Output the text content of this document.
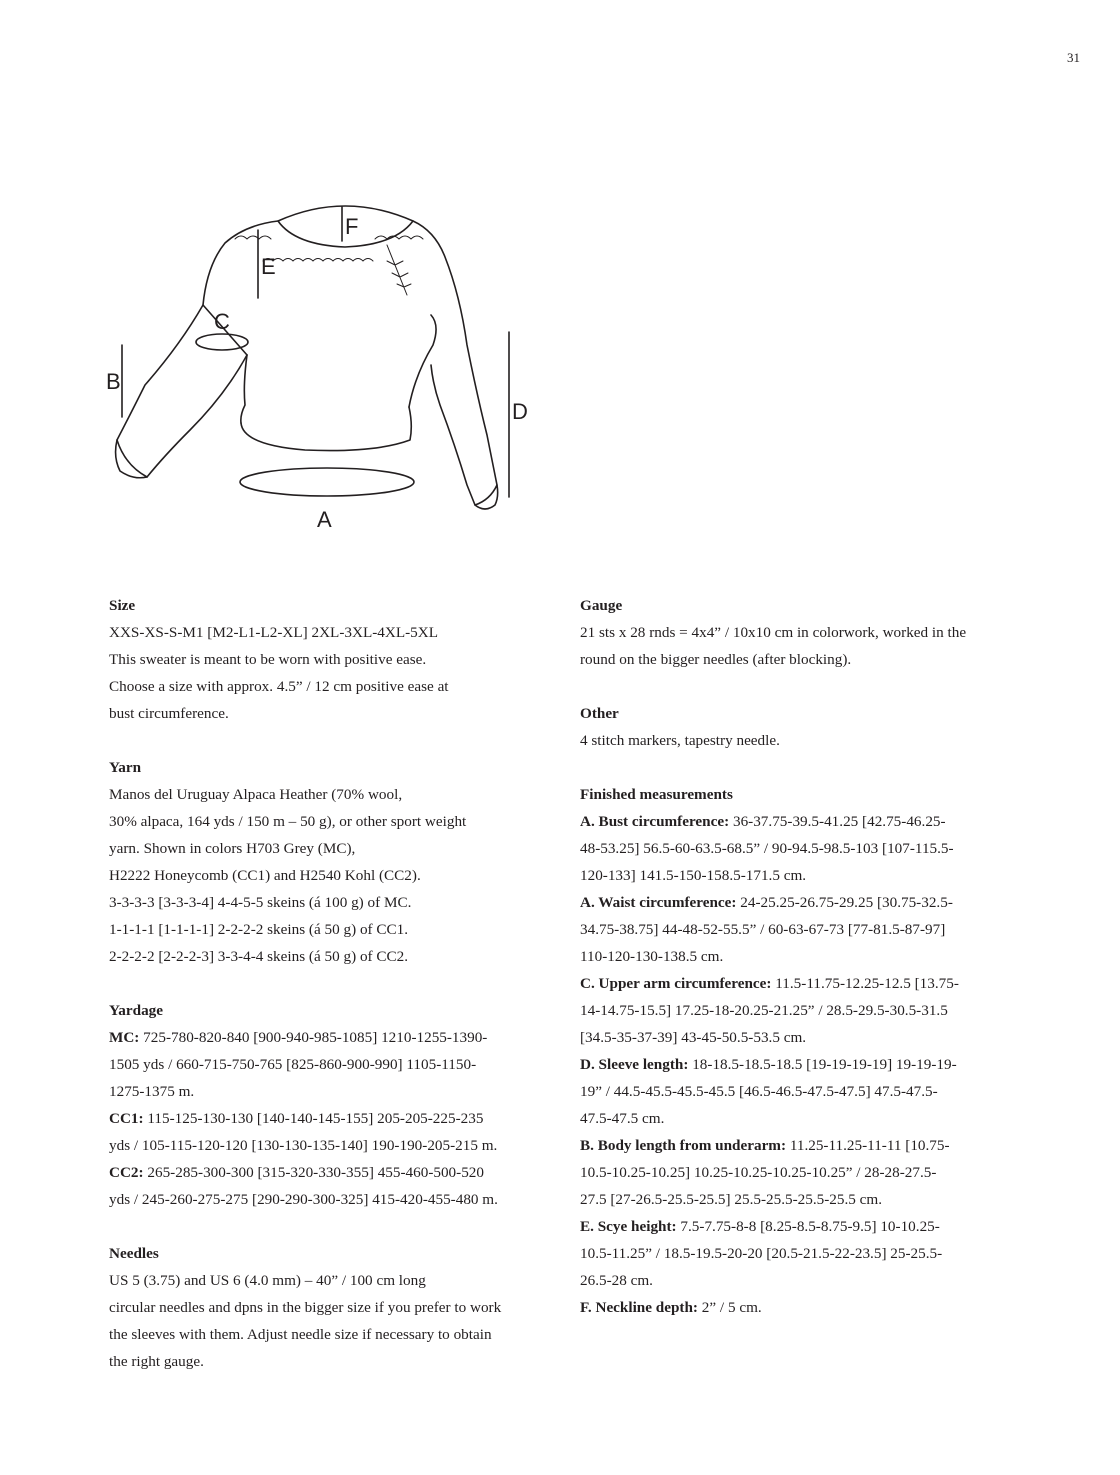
31
A
B
C
D
E
F
Size

XXS-XS-S-M1 [M2-L1-L2-XL] 2XL-3XL-4XL-5XL
This sweater is meant to be worn with positive ease.
Choose a size with approx. 4.5” / 12 cm positive ease at
bust circumference.

Yarn

Manos del Uruguay Alpaca Heather (70% wool,
30% alpaca, 164 yds / 150 m – 50 g), or other sport weight
yarn. Shown in colors H703 Grey (MC),
H2222 Honeycomb (CC1) and H2540 Kohl (CC2).
3-3-3-3 [3-3-3-4] 4-4-5-5 skeins (á 100 g) of MC.
1-1-1-1 [1-1-1-1] 2-2-2-2 skeins (á 50 g) of CC1.
2-2-2-2 [2-2-2-3] 3-3-4-4 skeins (á 50 g) of CC2.

Yardage

MC: 725-780-820-840 [900-940-985-1085] 1210-1255-1390-
1505 yds / 660-715-750-765 [825-860-900-990] 1105-1150-
1275-1375 m.

CC1: 115-125-130-130 [140-140-145-155] 205-205-225-235
yds / 105-115-120-120 [130-130-135-140] 190-190-205-215 m.

CC2: 265-285-300-300 [315-320-330-355] 455-460-500-520
yds / 245-260-275-275 [290-290-300-325] 415-420-455-480 m.

Needles

US 5 (3.75) and US 6 (4.0 mm) – 40” / 100 cm long
circular needles and dpns in the bigger size if you prefer to work
the sleeves with them. Adjust needle size if necessary to obtain
the right gauge.

Gauge

21 sts x 28 rnds = 4x4” / 10x10 cm in colorwork, worked in the
round on the bigger needles (after blocking).

Other

4 stitch markers, tapestry needle.

Finished measurements

A. Bust circumference: 36-37.75-39.5-41.25 [42.75-46.25-
48-53.25] 56.5-60-63.5-68.5” / 90-94.5-98.5-103 [107-115.5-
120-133] 141.5-150-158.5-171.5 cm.

A. Waist circumference: 24-25.25-26.75-29.25 [30.75-32.5-
34.75-38.75] 44-48-52-55.5” / 60-63-67-73 [77-81.5-87-97]
110-120-130-138.5 cm.

C. Upper arm circumference: 11.5-11.75-12.25-12.5 [13.75-
14-14.75-15.5] 17.25-18-20.25-21.25” / 28.5-29.5-30.5-31.5
[34.5-35-37-39] 43-45-50.5-53.5 cm.

D. Sleeve length: 18-18.5-18.5-18.5 [19-19-19-19] 19-19-19-
19” / 44.5-45.5-45.5-45.5 [46.5-46.5-47.5-47.5] 47.5-47.5-
47.5-47.5 cm.

B. Body length from underarm: 11.25-11.25-11-11 [10.75-
10.5-10.25-10.25] 10.25-10.25-10.25-10.25” / 28-28-27.5-
27.5 [27-26.5-25.5-25.5] 25.5-25.5-25.5-25.5 cm.

E. Scye height: 7.5-7.75-8-8 [8.25-8.5-8.75-9.5] 10-10.25-
10.5-11.25” / 18.5-19.5-20-20 [20.5-21.5-22-23.5] 25-25.5-
26.5-28 cm.

F. Neckline depth: 2” / 5 cm.
